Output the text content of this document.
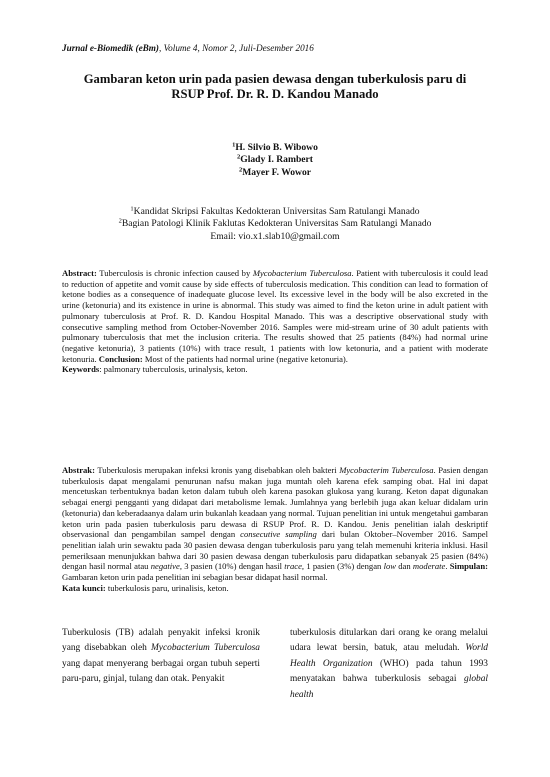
Jurnal e-Biomedik (eBm), Volume 4, Nomor 2, Juli-Desember 2016
Gambaran keton urin pada pasien dewasa dengan tuberkulosis paru di
RSUP Prof. Dr. R. D. Kandou Manado
$^1$H. Silvio B. Wibowo
$^2$Glady I. Rambert
$^2$Mayer F. Wowor
$^1$Kandidat Skripsi Fakultas Kedokteran Universitas Sam Ratulangi Manado
$^2$Bagian Patologi Klinik Faklutas Kedokteran Universitas Sam Ratulangi Manado
Email: vio.x1.slab10@gmail.com

Abstract: Tuberculosis is chronic infection caused by Mycobacterium Tuberculosa. Patient with tuberculosis it could lead to reduction of appetite and vomit cause by side effects of tuberculosis medication. This condition can lead to formation of ketone bodies as a consequence of inadequate glucose level. Its excessive level in the body will be also excreted in the urine (ketonuria) and its existence in urine is abnormal. This study was aimed to find the keton urine in adult patient with pulmonary tuberculosis at Prof. R. D. Kandou Hospital Manado. This was a descriptive observational study with consecutive sampling method from October-November 2016. Samples were mid-stream urine of 30 adult patients with pulmonary tuberculosis that met the inclusion criteria. The results showed that 25 patients (84%) had normal urine (negative ketonuria), 3 patients (10%) with trace result, 1 patients with low ketonuria, and a patient with moderate ketonuria. Conclusion: Most of the patients had normal urine (negative ketonuria).

Keywords: palmonary tuberculosis, urinalysis, keton.

Abstrak: Tuberkulosis merupakan infeksi kronis yang disebabkan oleh bakteri Mycobacterim Tuberculosa. Pasien dengan tuberkulosis dapat mengalami penurunan nafsu makan juga muntah oleh karena efek samping obat. Hal ini dapat mencetuskan terbentuknya badan keton dalam tubuh oleh karena pasokan glukosa yang kurang. Keton dapat digunakan sebagai energi pengganti yang didapat dari metabolisme lemak. Jumlahnya yang berlebih juga akan keluar didalam urin (ketonuria) dan keberadaanya dalam urin bukanlah keadaan yang normal. Tujuan penelitian ini untuk mengetahui gambaran keton urin pada pasien tuberkulosis paru dewasa di RSUP Prof. R. D. Kandou. Jenis penelitian ialah deskriptif observasional dan pengambilan sampel dengan consecutive sampling dari bulan Oktober–November 2016. Sampel penelitian ialah urin sewaktu pada 30 pasien dewasa dengan tuberkulosis paru yang telah memenuhi kriteria inklusi. Hasil pemeriksaan menunjukkan bahwa dari 30 pasien dewasa dengan tuberkulosis paru didapatkan sebanyak 25 pasien (84%) dengan hasil normal atau negative, 3 pasien (10%) dengan hasil trace, 1 pasien (3%) dengan low dan moderate. Simpulan: Gambaran keton urin pada penelitian ini sebagian besar didapat hasil normal.

Kata kunci: tuberkulosis paru, urinalisis, keton.

Tuberkulosis (TB) adalah penyakit infeksi kronik yang disebabkan oleh Mycobacterium Tuberculosa yang dapat menyerang berbagai organ tubuh seperti paru-paru, ginjal, tulang dan otak. Penyakit

tuberkulosis ditularkan dari orang ke orang melalui udara lewat bersin, batuk, atau meludah. World Health Organization (WHO) pada tahun 1993 menyatakan bahwa tuberkulosis sebagai global health
